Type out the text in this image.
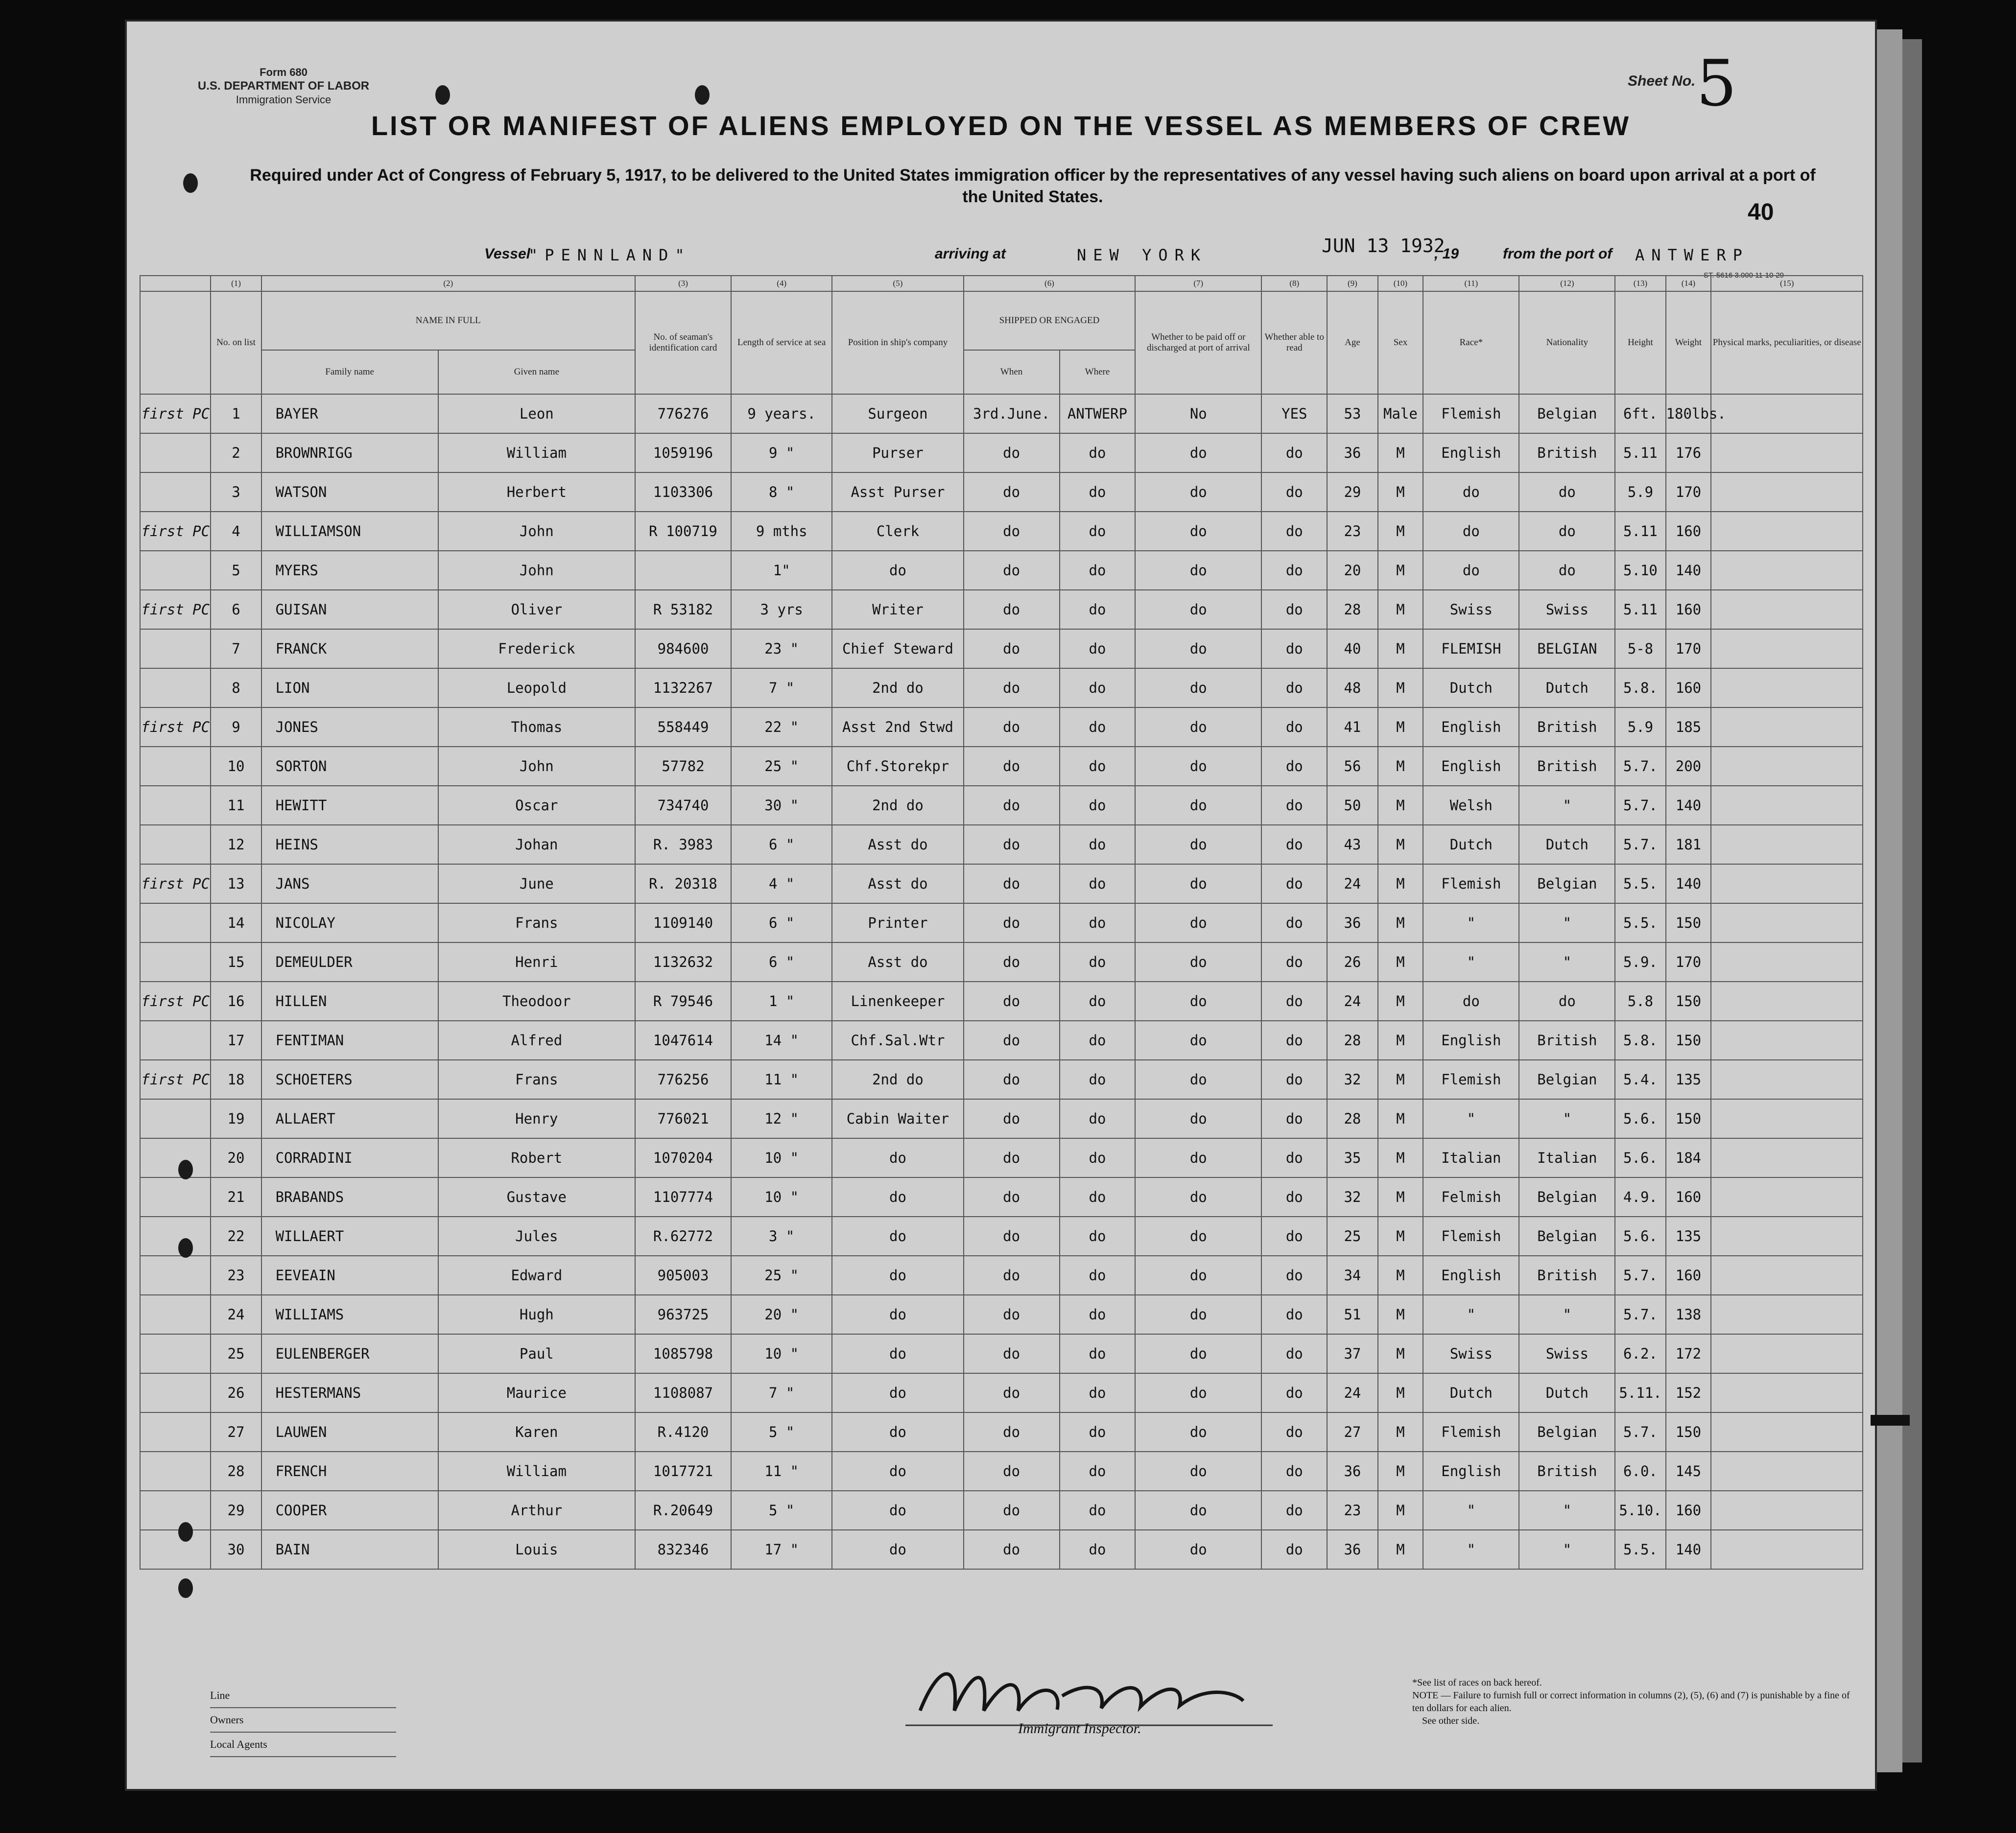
Form 680
U.S. DEPARTMENT OF LABOR
Immigration Service
Sheet No. 5
LIST OR MANIFEST OF ALIENS EMPLOYED ON THE VESSEL AS MEMBERS OF CREW
Required under Act of Congress of February 5, 1917, to be delivered to the United States immigration officer by the representatives of any vessel having such aliens on board upon arrival at a port of the United States.
40
Vessel
"PENNLAND"	arriving at	NEW YORK	JUN 13 1932
, 19	from the port of ANTWERP
ST. 5616 3.000 11-10-29
	(1)	(2)		(3)	(4)	(5)	(6)		(7)	(8)	(9)	(10)	(11)	(12)	(13)	(14)	(15)
	No. on list	NAME IN FULL		No. of seaman's identification card	Length of service at sea	Position in ship's company	SHIPPED OR ENGAGED		Whether to be paid off or discharged at port of arrival	Whether able to read	Age	Sex	Race*	Nationality	Height	Weight	Physical marks, peculiarities, or disease
		Family name	Given name				When	Where									
first PC	1	BAYER	Leon	776276	9 years.	Surgeon	3rd.June.	ANTWERP	No	YES	53	Male	Flemish	Belgian	6ft.	180lbs.	
	2	BROWNRIGG	William	1059196	9 "	Purser	do	do	do	do	36	M	English	British	5.11	176	
	3	WATSON	Herbert	1103306	8 "	Asst Purser	do	do	do	do	29	M	do	do	5.9	170	
first PC	4	WILLIAMSON	John	R 100719	9 mths	Clerk	do	do	do	do	23	M	do	do	5.11	160	
	5	MYERS	John		1"	do	do	do	do	do	20	M	do	do	5.10	140	
first PC	6	GUISAN	Oliver	R 53182	3 yrs	Writer	do	do	do	do	28	M	Swiss	Swiss	5.11	160	
	7	FRANCK	Frederick	984600	23 "	Chief Steward	do	do	do	do	40	M	FLEMISH	BELGIAN	5-8	170	
	8	LION	Leopold	1132267	7 "	2nd do	do	do	do	do	48	M	Dutch	Dutch	5.8.	160	
first PC	9	JONES	Thomas	558449	22 "	Asst 2nd Stwd	do	do	do	do	41	M	English	British	5.9	185	
	10	SORTON	John	57782	25 "	Chf.Storekpr	do	do	do	do	56	M	English	British	5.7.	200	
	11	HEWITT	Oscar	734740	30 "	2nd do	do	do	do	do	50	M	Welsh	"	5.7.	140	
	12	HEINS	Johan	R. 3983	6 "	Asst do	do	do	do	do	43	M	Dutch	Dutch	5.7.	181	
first PC	13	JANS	June	R. 20318	4 "	Asst do	do	do	do	do	24	M	Flemish	Belgian	5.5.	140	
	14	NICOLAY	Frans	1109140	6 "	Printer	do	do	do	do	36	M	"	"	5.5.	150	
	15	DEMEULDER	Henri	1132632	6 "	Asst do	do	do	do	do	26	M	"	"	5.9.	170	
first PC	16	HILLEN	Theodoor	R 79546	1 "	Linenkeeper	do	do	do	do	24	M	do	do	5.8	150	
	17	FENTIMAN	Alfred	1047614	14 "	Chf.Sal.Wtr	do	do	do	do	28	M	English	British	5.8.	150	
first PC	18	SCHOETERS	Frans	776256	11 "	2nd do	do	do	do	do	32	M	Flemish	Belgian	5.4.	135	
	19	ALLAERT	Henry	776021	12 "	Cabin Waiter	do	do	do	do	28	M	"	"	5.6.	150	
	20	CORRADINI	Robert	1070204	10 "	do	do	do	do	do	35	M	Italian	Italian	5.6.	184	
	21	BRABANDS	Gustave	1107774	10 "	do	do	do	do	do	32	M	Felmish	Belgian	4.9.	160	
	22	WILLAERT	Jules	R.62772	3 "	do	do	do	do	do	25	M	Flemish	Belgian	5.6.	135	
	23	EEVEAIN	Edward	905003	25 "	do	do	do	do	do	34	M	English	British	5.7.	160	
	24	WILLIAMS	Hugh	963725	20 "	do	do	do	do	do	51	M	"	"	5.7.	138	
	25	EULENBERGER	Paul	1085798	10 "	do	do	do	do	do	37	M	Swiss	Swiss	6.2.	172	
	26	HESTERMANS	Maurice	1108087	7 "	do	do	do	do	do	24	M	Dutch	Dutch	5.11.	152	
	27	LAUWEN	Karen	R.4120	5 "	do	do	do	do	do	27	M	Flemish	Belgian	5.7.	150	
	28	FRENCH	William	1017721	11 "	do	do	do	do	do	36	M	English	British	6.0.	145	
	29	COOPER	Arthur	R.20649	5 "	do	do	do	do	do	23	M	"	"	5.10.	160	
	30	BAIN	Louis	832346	17 "	do	do	do	do	do	36	M	"	"	5.5.	140	
Line
Owners
Local Agents
Immigrant Inspector.
*See list of races on back hereof.
NOTE — Failure to furnish full or correct information in columns (2), (5), (6) and (7) is punishable by a fine of ten dollars for each alien.
See other side.
